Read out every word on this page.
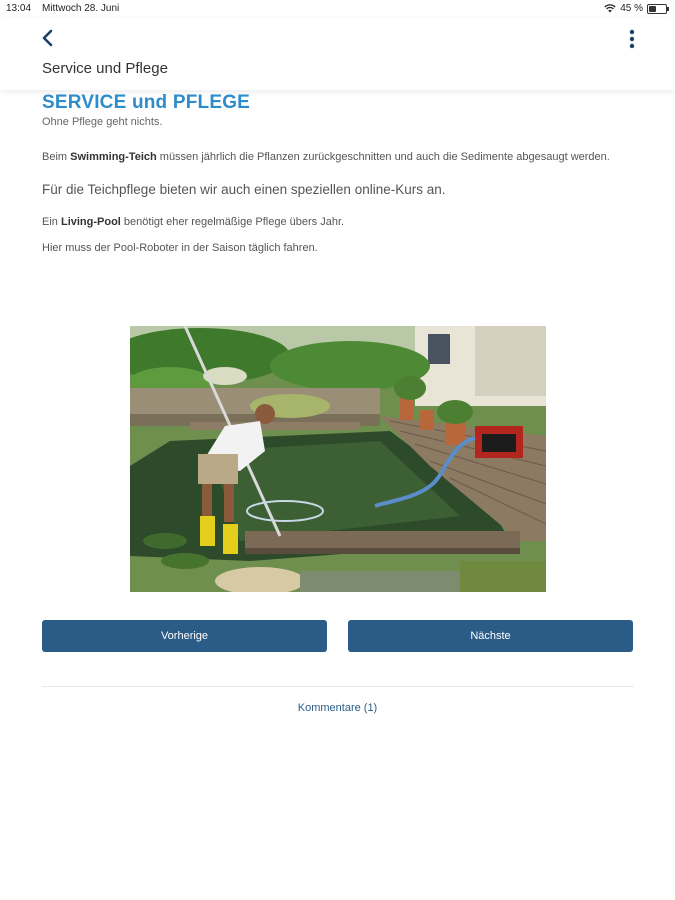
13:04 Mittwoch 28. Juni	45 %
Service und Pflege
SERVICE und PFLEGE
Ohne Pflege geht nichts.
Beim Swimming-Teich müssen jährlich die Pflanzen zurückgeschnitten und auch die Sedimente abgesaugt werden.
Für die Teichpflege bieten wir auch einen speziellen online-Kurs an.
Ein Living-Pool benötigt eher regelmäßige Pflege übers Jahr.
Hier muss der Pool-Roboter in der Saison täglich fahren.
Vorherige	Nächste
Kommentare (1)
